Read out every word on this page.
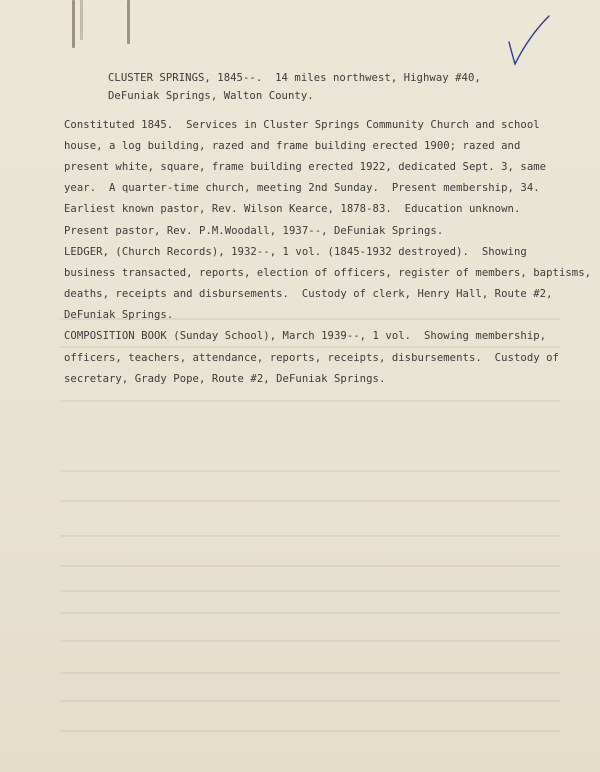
CLUSTER SPRINGS, 1845--.  14 miles northwest, Highway #40,
DeFuniak Springs, Walton County.
Constituted 1845.  Services in Cluster Springs Community Church and school
house, a log building, razed and frame building erected 1900; razed and
present white, square, frame building erected 1922, dedicated Sept. 3, same
year.  A quarter-time church, meeting 2nd Sunday.  Present membership, 34.
Earliest known pastor, Rev. Wilson Kearce, 1878-83.  Education unknown.
Present pastor, Rev. P.M.Woodall, 1937--, DeFuniak Springs.
LEDGER, (Church Records), 1932--, 1 vol. (1845-1932 destroyed).  Showing
business transacted, reports, election of officers, register of members, baptisms,
deaths, receipts and disbursements.  Custody of clerk, Henry Hall, Route #2,
DeFuniak Springs.
COMPOSITION BOOK (Sunday School), March 1939--, 1 vol.  Showing membership,
officers, teachers, attendance, reports, receipts, disbursements.  Custody of
secretary, Grady Pope, Route #2, DeFuniak Springs.
